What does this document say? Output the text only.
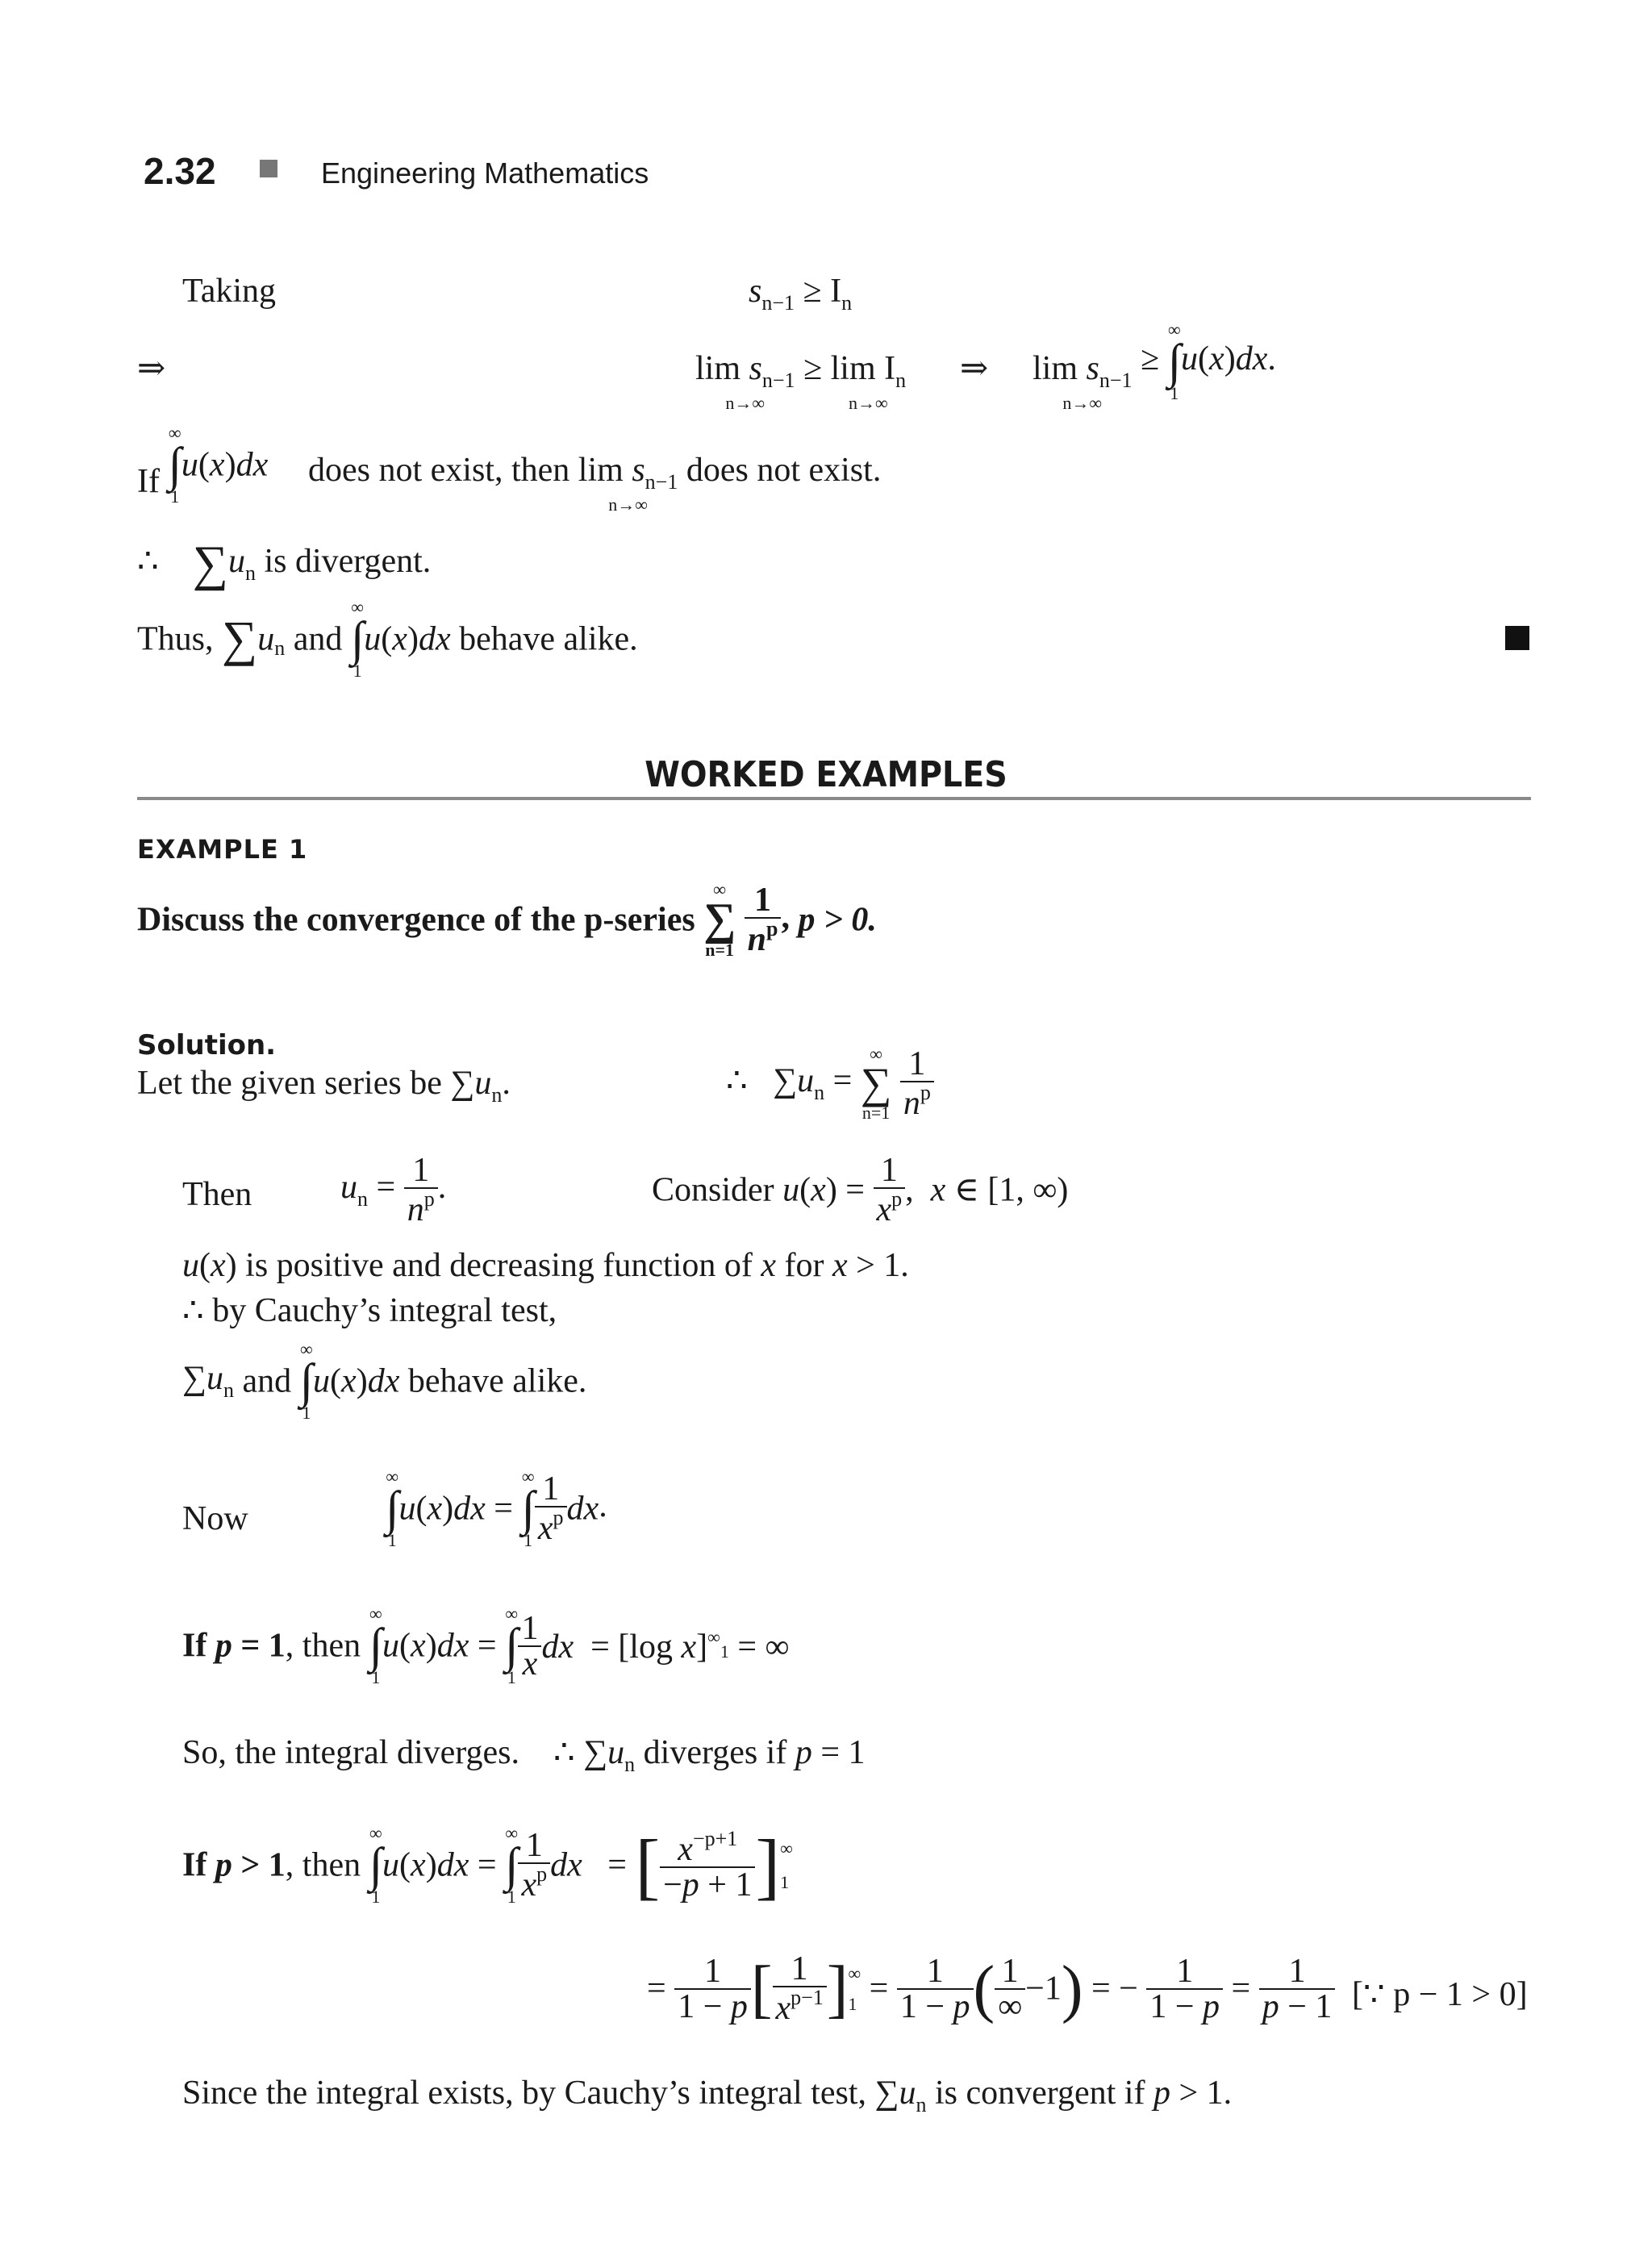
2.32	Engineering Mathematics
Taking	$s_{n-1} \ge I_n$
⇒	$\lim s_{n-1}$
n→∞
≥ $\lim I_n$
n→∞
⇒ $\lim s_{n-1}$
n→∞
≥
∞
∫
1
u(x)dx.
If
∞
∫
1
u(x)dx does not exist, then $\lim s_{n-1}$
n→∞
does not exist.
∴ $\sum u_n$ is divergent.
Thus, $\sum u_n$ and
∞
∫
1
u(x)dx behave alike.
WORKED EXAMPLES
EXAMPLE 1
Discuss the convergence of the p-series
∞
∑
n=1
$\frac{1}{n^p}$ , p > 0.
Solution.
Let the given series be $\sum u_n$.	∴   $\sum u_n$ =
∞
∑
n=1
$\frac{1}{n^p}$
Then	$u_n = \frac{1}{n^p}$ .	Consider $u(x) = \frac{1}{x^p}$ ,  x ∈ [1, ∞)
u(x) is positive and decreasing function of x for x > 1.
∴ by Cauchy’s integral test,
$\sum u_n$ and
∞
∫
1
u(x)dx behave alike.
Now
∞
∫
1
u(x)dx =
∞
∫
$1 \frac{1}{x^p}$ dx.
If p = 1, then
∞
∫
1
u(x)dx =
∞
∫
$1 \frac{1}{x}$ dx  = [log x]∞1 = ∞
So, the integral diverges.    ∴ $\sum u_n$ diverges if p = 1
If p > 1, then
∞
∫
1
u(x)dx =
∞
∫
$1 \frac{1}{x^p}$ dx   = [ $\frac{x^{-p+1}}{-p + 1}$ ] ∞
1
= $\frac{1}{1 - p}$ [ $\frac{1}{x^{p-1}}$ ] ∞
$1 = \frac{1}{1 - p}$ ( $\frac{1}{\infty} -1$) = − $\frac{1}{1 - p} = \frac{1}{p - 1}$ [∵ p − 1 > 0]
Since the integral exists, by Cauchy’s integral test, $\sum u_n$ is convergent if p > 1.
